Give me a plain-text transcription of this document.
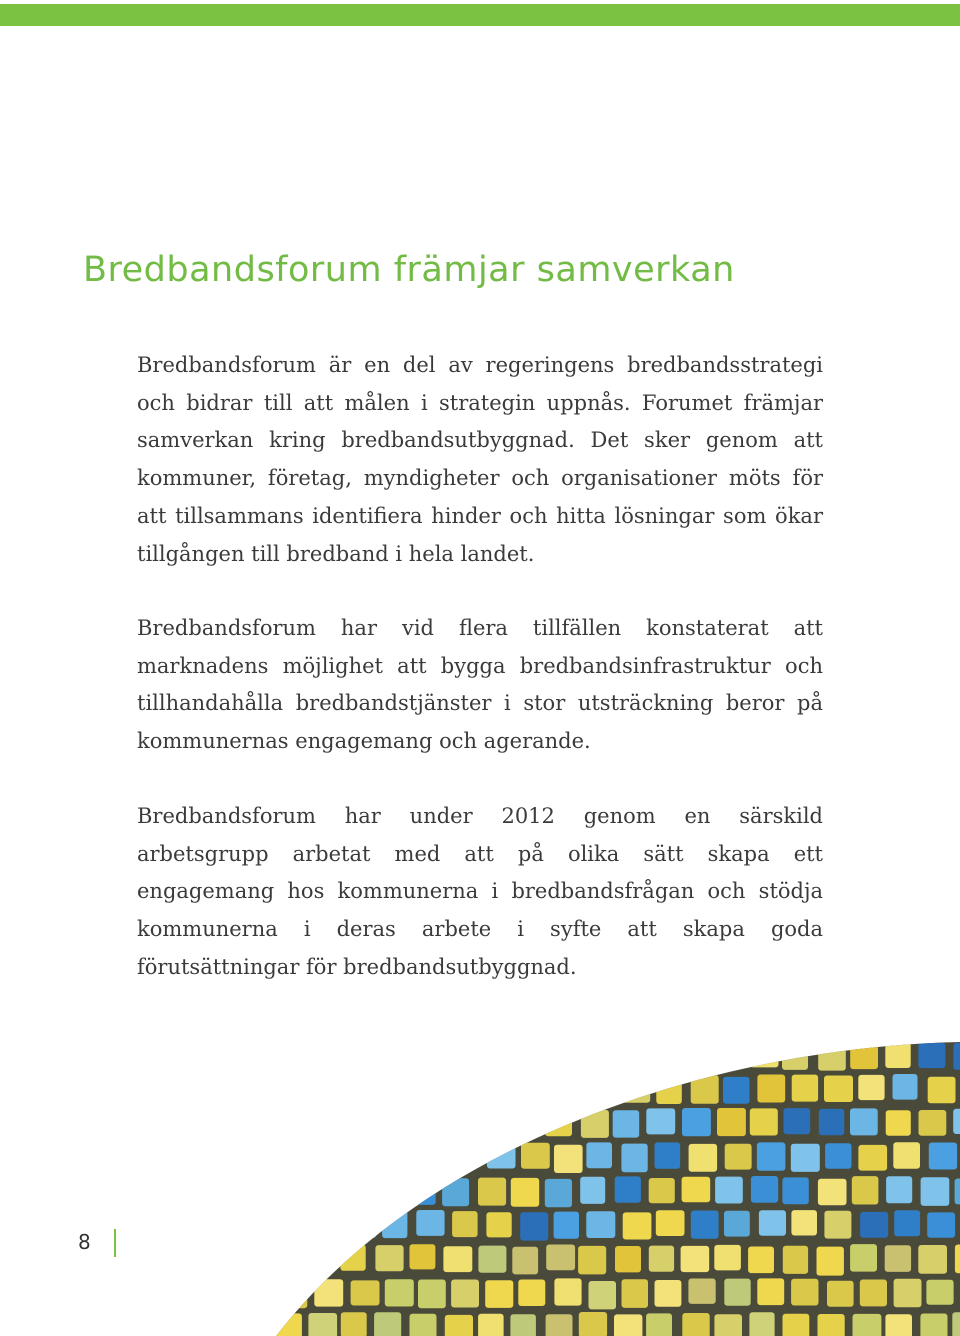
Bredbandsforum främjar samverkan

Bredbandsforum är en del av regeringens bredbandsstrategi och bidrar till att målen i strategin uppnås. Forumet främjar samverkan kring bredbandsutbyggnad. Det sker genom att kommuner, företag, myndigheter och organisationer möts för att tillsammans identifiera hinder och hitta lösningar som ökar tillgången till bredband i hela landet.

Bredbandsforum har vid flera tillfällen konstaterat att marknadens möjlighet att bygga bredbandsinfrastruktur och tillhandahålla bredbandstjänster i stor utsträckning beror på kommunernas engagemang och agerande.

Bredbandsforum har under 2012 genom en särskild arbetsgrupp arbetat med att på olika sätt skapa ett engagemang hos kommunerna i bredbandsfrågan och stödja kommunerna i deras arbete i syfte att skapa goda förutsättningar för bredbandsutbyggnad.

8
